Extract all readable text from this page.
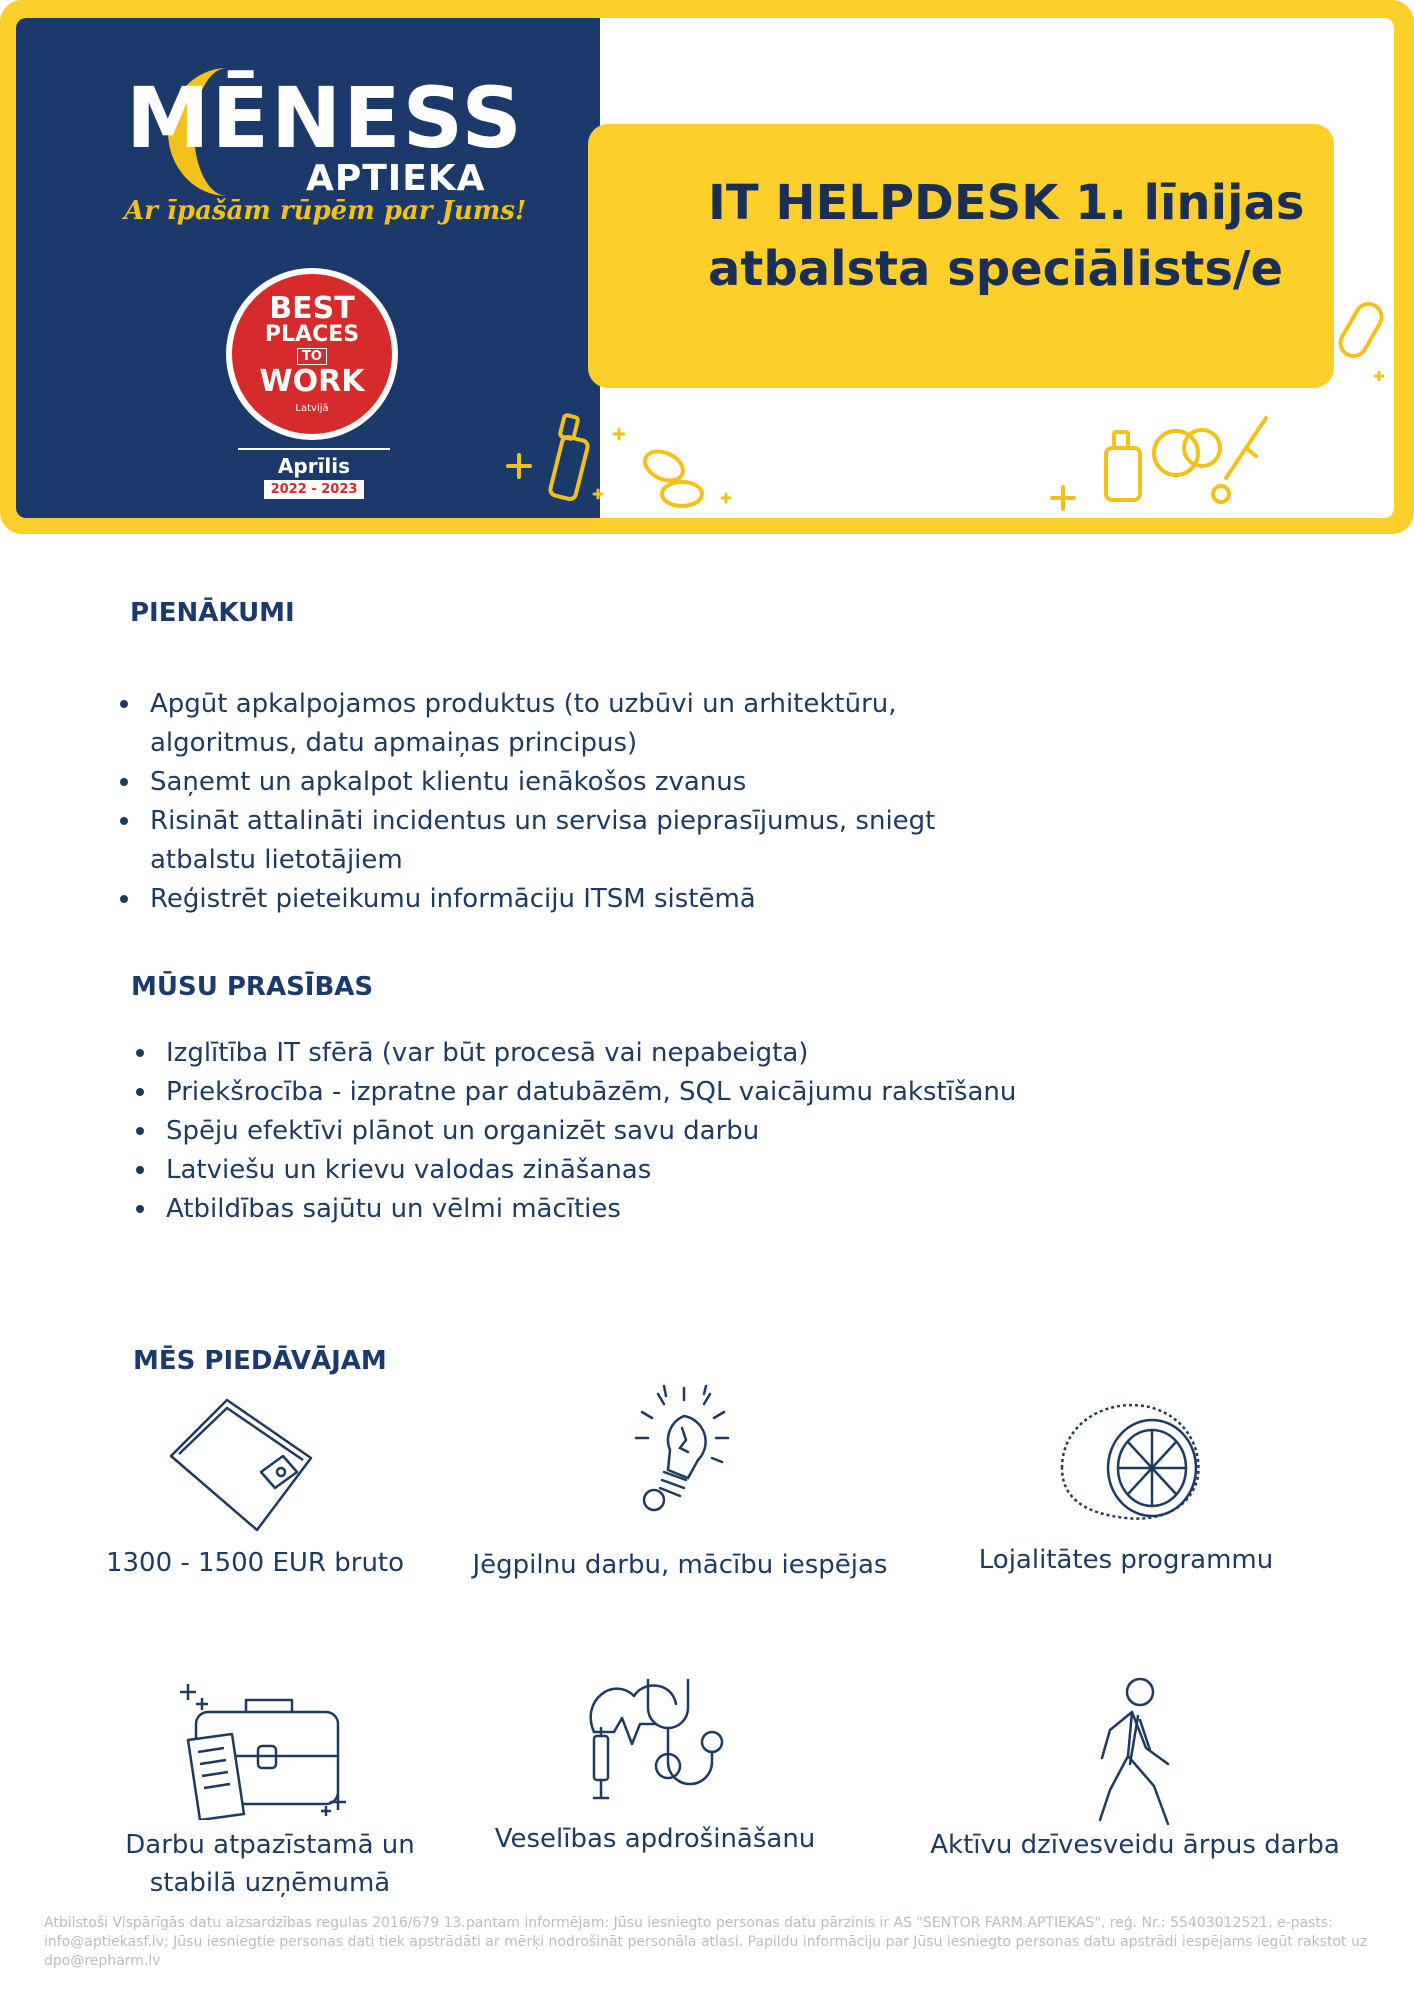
MĒNESS
APTIEKA
Ar īpašām rūpēm par Jums!
BEST
PLACES
TO
WORK
Latvijā
Aprīlis
2022 - 2023
IT HELPDESK 1. līnijas
atbalsta speciālists/e
PIENĀKUMI
Apgūt apkalpojamos produktus (to uzbūvi un arhitektūru, algoritmus, datu apmaiņas principus)
Saņemt un apkalpot klientu ienākošos zvanus
Risināt attalināti incidentus un servisa pieprasījumus, sniegt atbalstu lietotājiem
Reģistrēt pieteikumu informāciju ITSM sistēmā
MŪSU PRASĪBAS
Izglītība IT sfērā (var būt procesā vai nepabeigta)
Priekšrocība - izpratne par datubāzēm, SQL vaicājumu rakstīšanu
Spēju efektīvi plānot un organizēt savu darbu
Latviešu un krievu valodas zināšanas
Atbildības sajūtu un vēlmi mācīties
MĒS PIEDĀVĀJAM
1300 - 1500 EUR bruto	Jēgpilnu darbu, mācību iespējas	Lojalitātes programmu
Darbu atpazīstamā un stabilā uzņēmumā
Veselības apdrošināšanu	Aktīvu dzīvesveidu ārpus darba
Atbilstoši Vispārīgās datu aizsardzības regulas 2016/679 13.pantam informējam: Jūsu iesniegto personas datu pārzinis ir AS "SENTOR FARM APTIEKAS", reģ. Nr.: 55403012521, e-pasts: info@aptiekasf.lv; Jūsu iesniegtie personas dati tiek apstrādāti ar mērķi nodrošināt personāla atlasi. Papildu informāciju par Jūsu iesniegto personas datu apstrādi iespējams iegūt rakstot uz dpo@repharm.lv
